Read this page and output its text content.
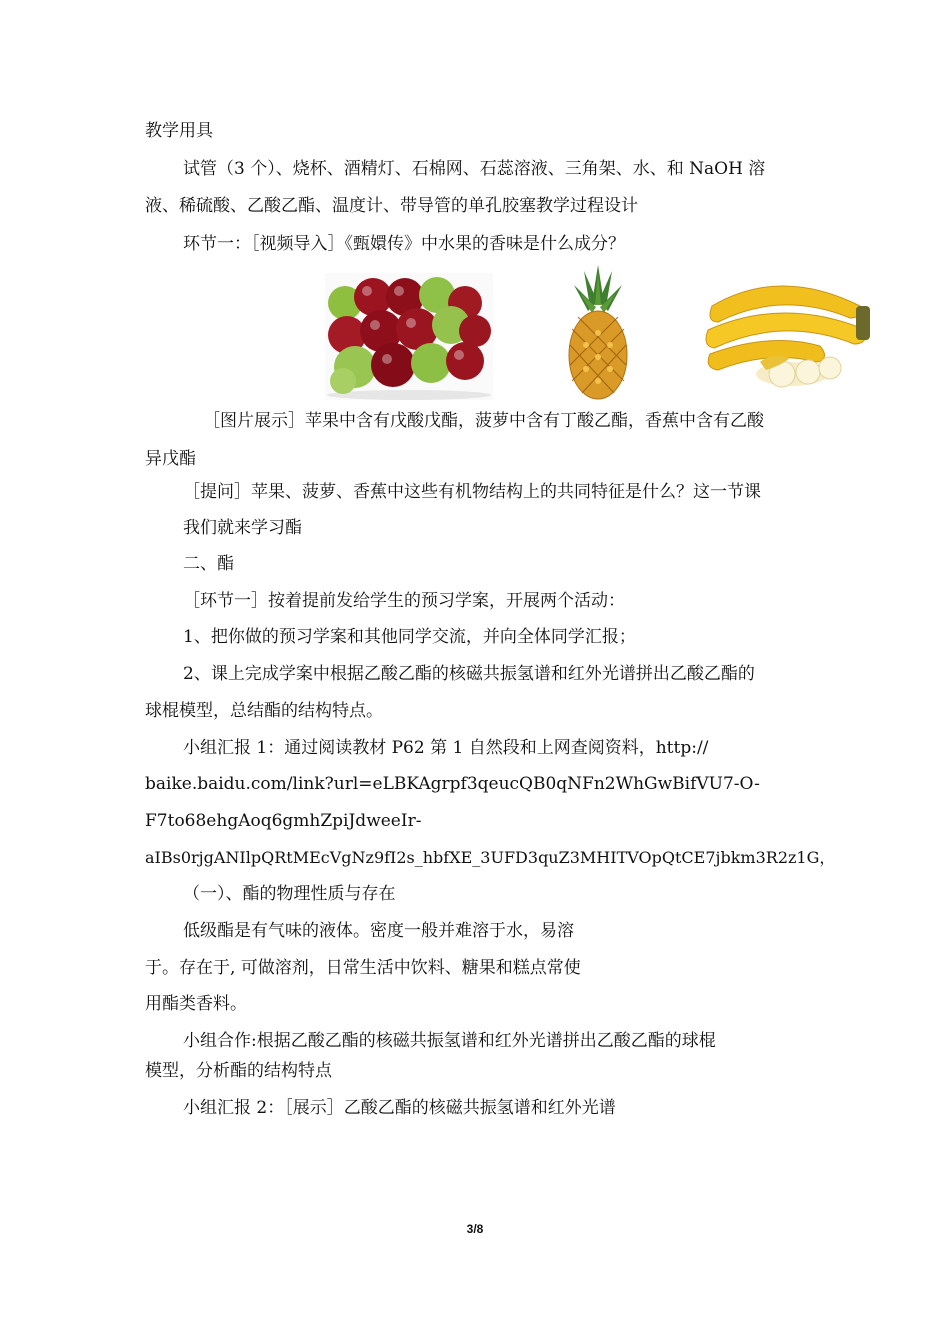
教学用具
试管（3 个）、烧杯、酒精灯、石棉网、石蕊溶液、三角架、水、和 NaOH 溶
液、稀硫酸、乙酸乙酯、温度计、带导管的单孔胶塞教学过程设计
环节一：［视频导入］《甄嬛传》中水果的香味是什么成分？
［图片展示］苹果中含有戊酸戊酯，菠萝中含有丁酸乙酯，香蕉中含有乙酸
异戊酯
［提问］苹果、菠萝、香蕉中这些有机物结构上的共同特征是什么？这一节课
我们就来学习酯
二、酯
［环节一］按着提前发给学生的预习学案，开展两个活动：
1、把你做的预习学案和其他同学交流，并向全体同学汇报；
2、课上完成学案中根据乙酸乙酯的核磁共振氢谱和红外光谱拼出乙酸乙酯的
球棍模型，总结酯的结构特点。
小组汇报 1：通过阅读教材 P62 第 1 自然段和上网查阅资料，http://
baike.baidu.com/link?url=eLBKAgrpf3qeucQB0qNFn2WhGwBifVU7-O-
F7to68ehgAoq6gmhZpiJdweeIr-
aIBs0rjgANIlpQRtMEcVgNz9fI2s_hbfXE_3UFD3quZ3MHITVOpQtCE7jbkm3R2z1G，
（一）、酯的物理性质与存在
低级酯是有气味的液体。密度一般并难溶于水，易溶
于。存在于, 可做溶剂，日常生活中饮料、糖果和糕点常使
用酯类香料。
小组合作:根据乙酸乙酯的核磁共振氢谱和红外光谱拼出乙酸乙酯的球棍
模型，分析酯的结构特点
小组汇报 2：［展示］乙酸乙酯的核磁共振氢谱和红外光谱
3/8
